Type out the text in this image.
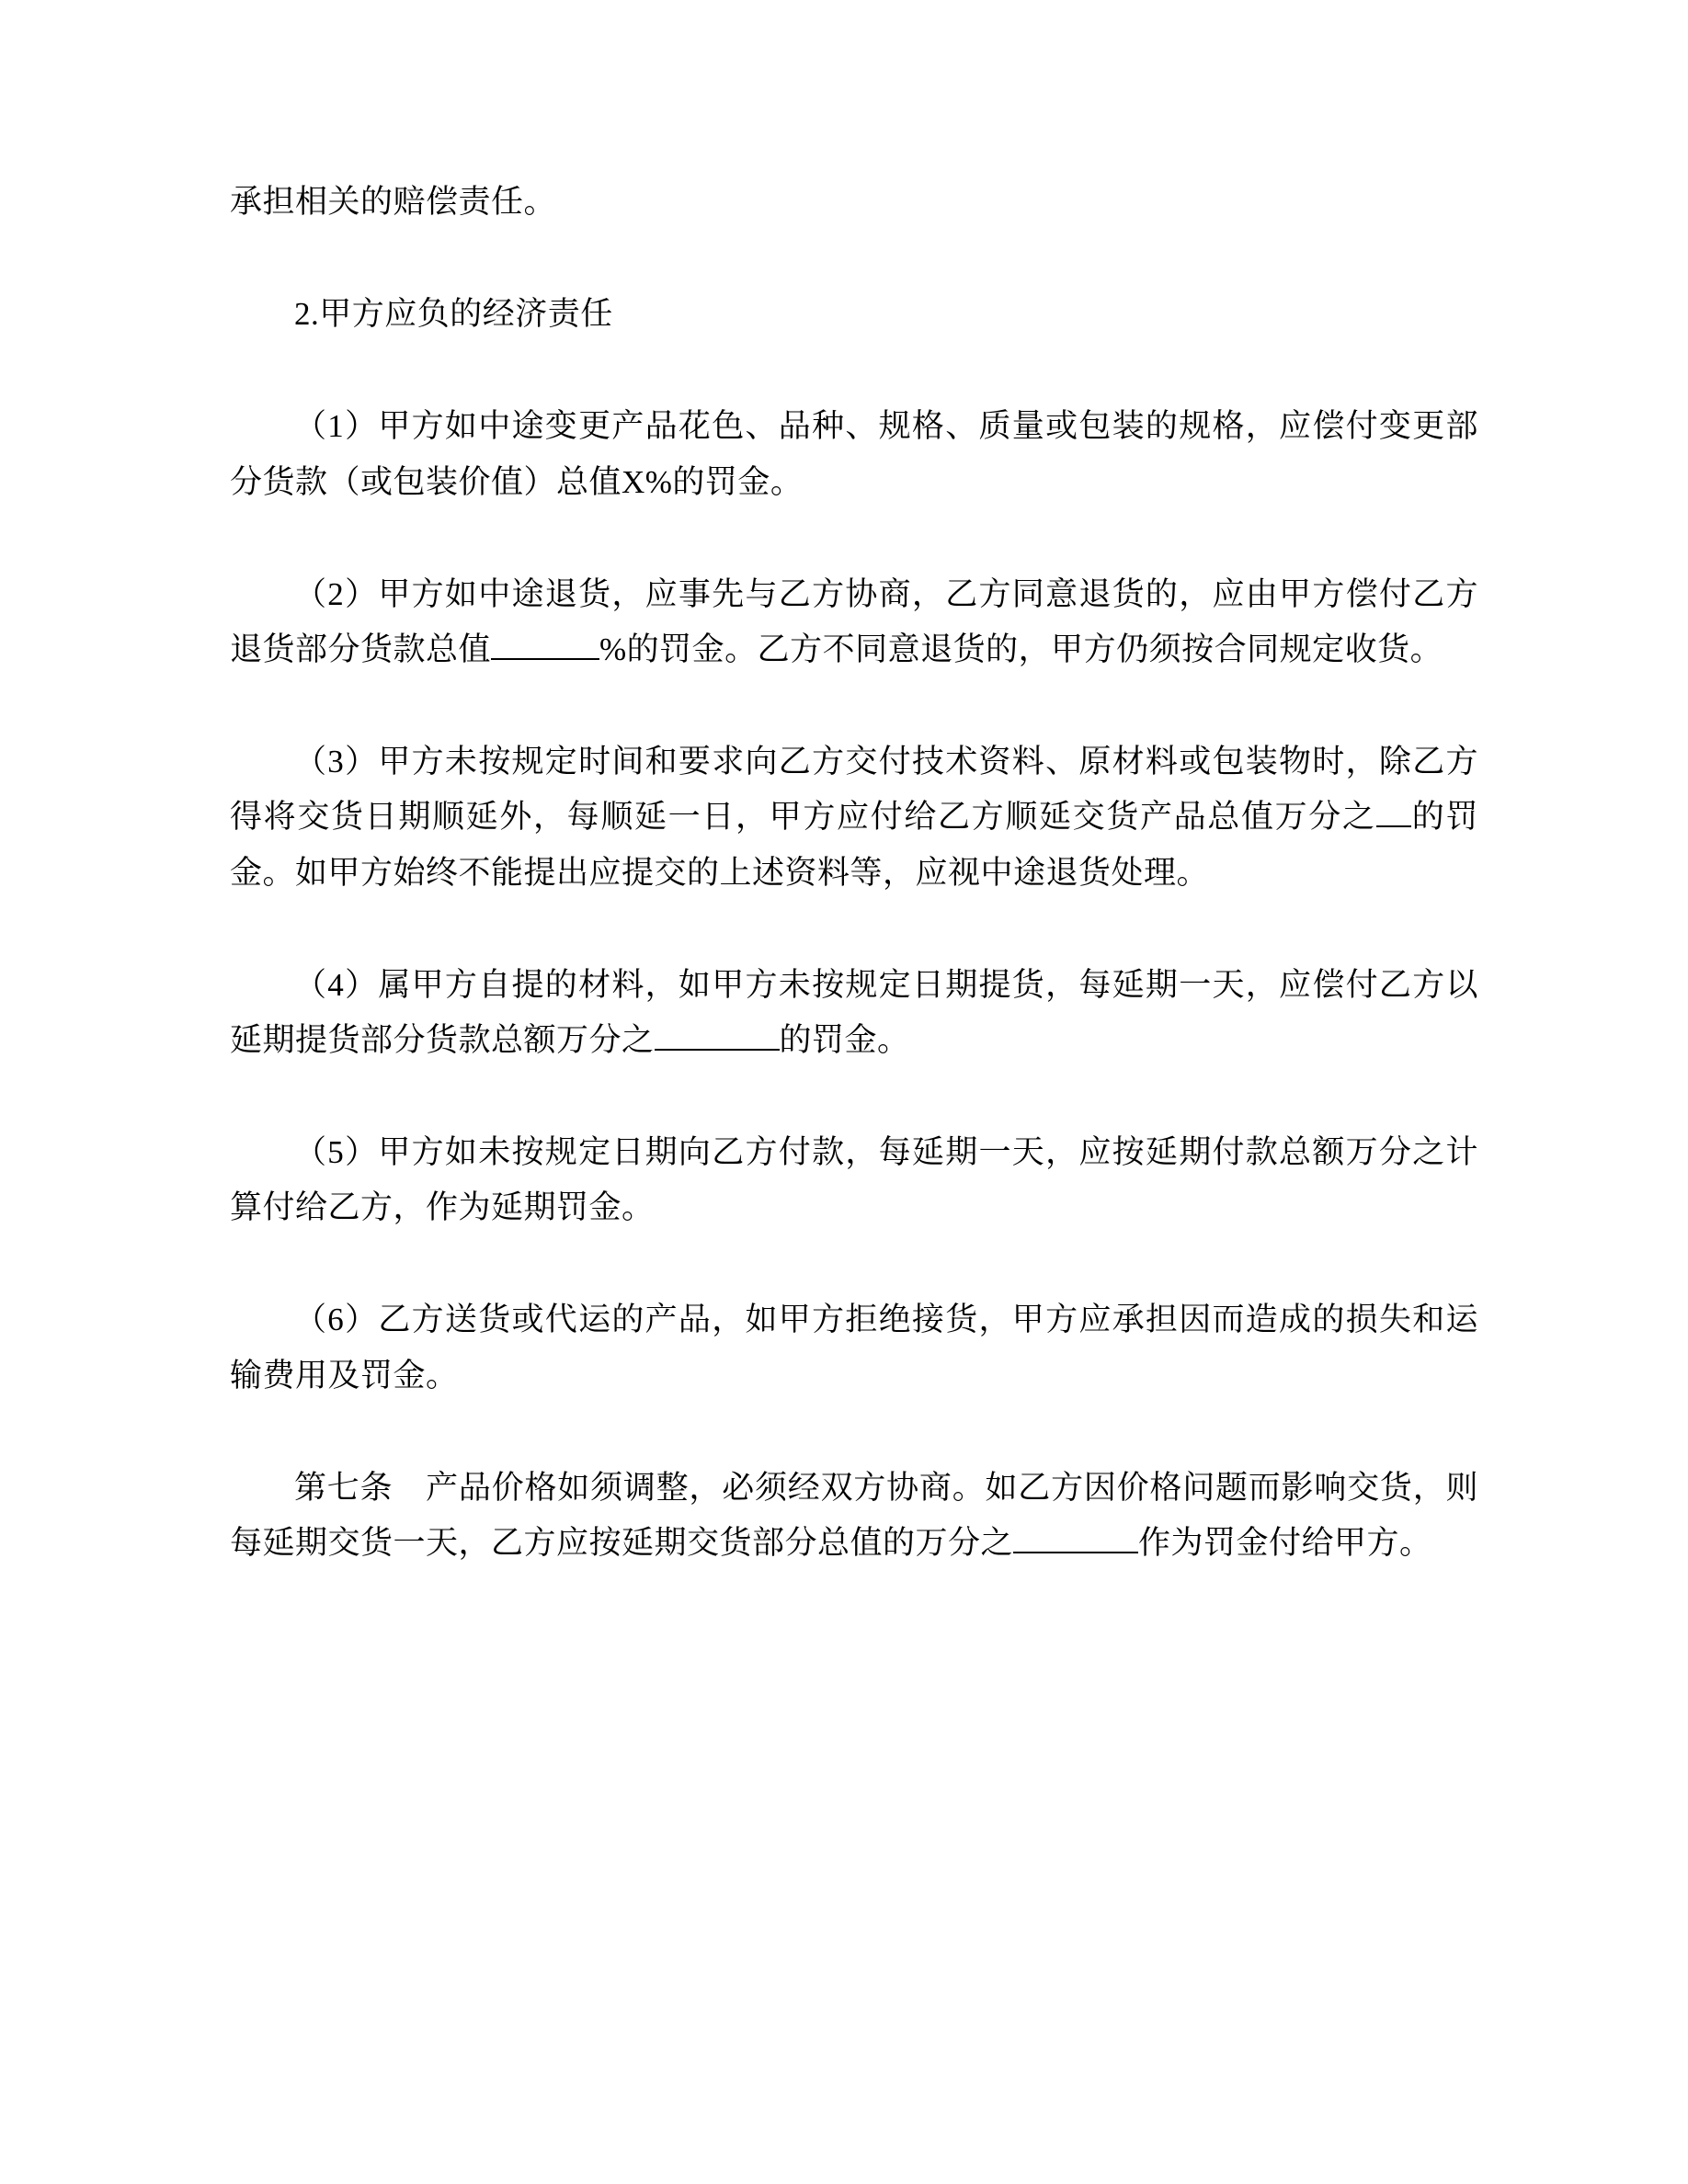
承担相关的赔偿责任。

2.甲方应负的经济责任

（1）甲方如中途变更产品花色、品种、规格、质量或包装的规格，应偿付变更部分货款（或包装价值）总值X%的罚金。

（2）甲方如中途退货，应事先与乙方协商，乙方同意退货的，应由甲方偿付乙方退货部分货款总值	%的罚金。乙方不同意退货的，甲方仍须按合同规定收货。

（3）甲方未按规定时间和要求向乙方交付技术资料、原材料或包装物时，除乙方得将交货日期顺延外，每顺延一日，甲方应付给乙方顺延交货产品总值万分之 的罚金。如甲方始终不能提出应提交的上述资料等，应视中途退货处理。

（4）属甲方自提的材料，如甲方未按规定日期提货，每延期一天，应偿付乙方以延期提货部分货款总额万分之	的罚金。

（5）甲方如未按规定日期向乙方付款，每延期一天，应按延期付款总额万分之计算付给乙方，作为延期罚金。

（6）乙方送货或代运的产品，如甲方拒绝接货，甲方应承担因而造成的损失和运输费用及罚金。

第七条　产品价格如须调整，必须经双方协商。如乙方因价格问题而影响交货，则每延期交货一天，乙方应按延期交货部分总值的万分之	作为罚金付给甲方。
